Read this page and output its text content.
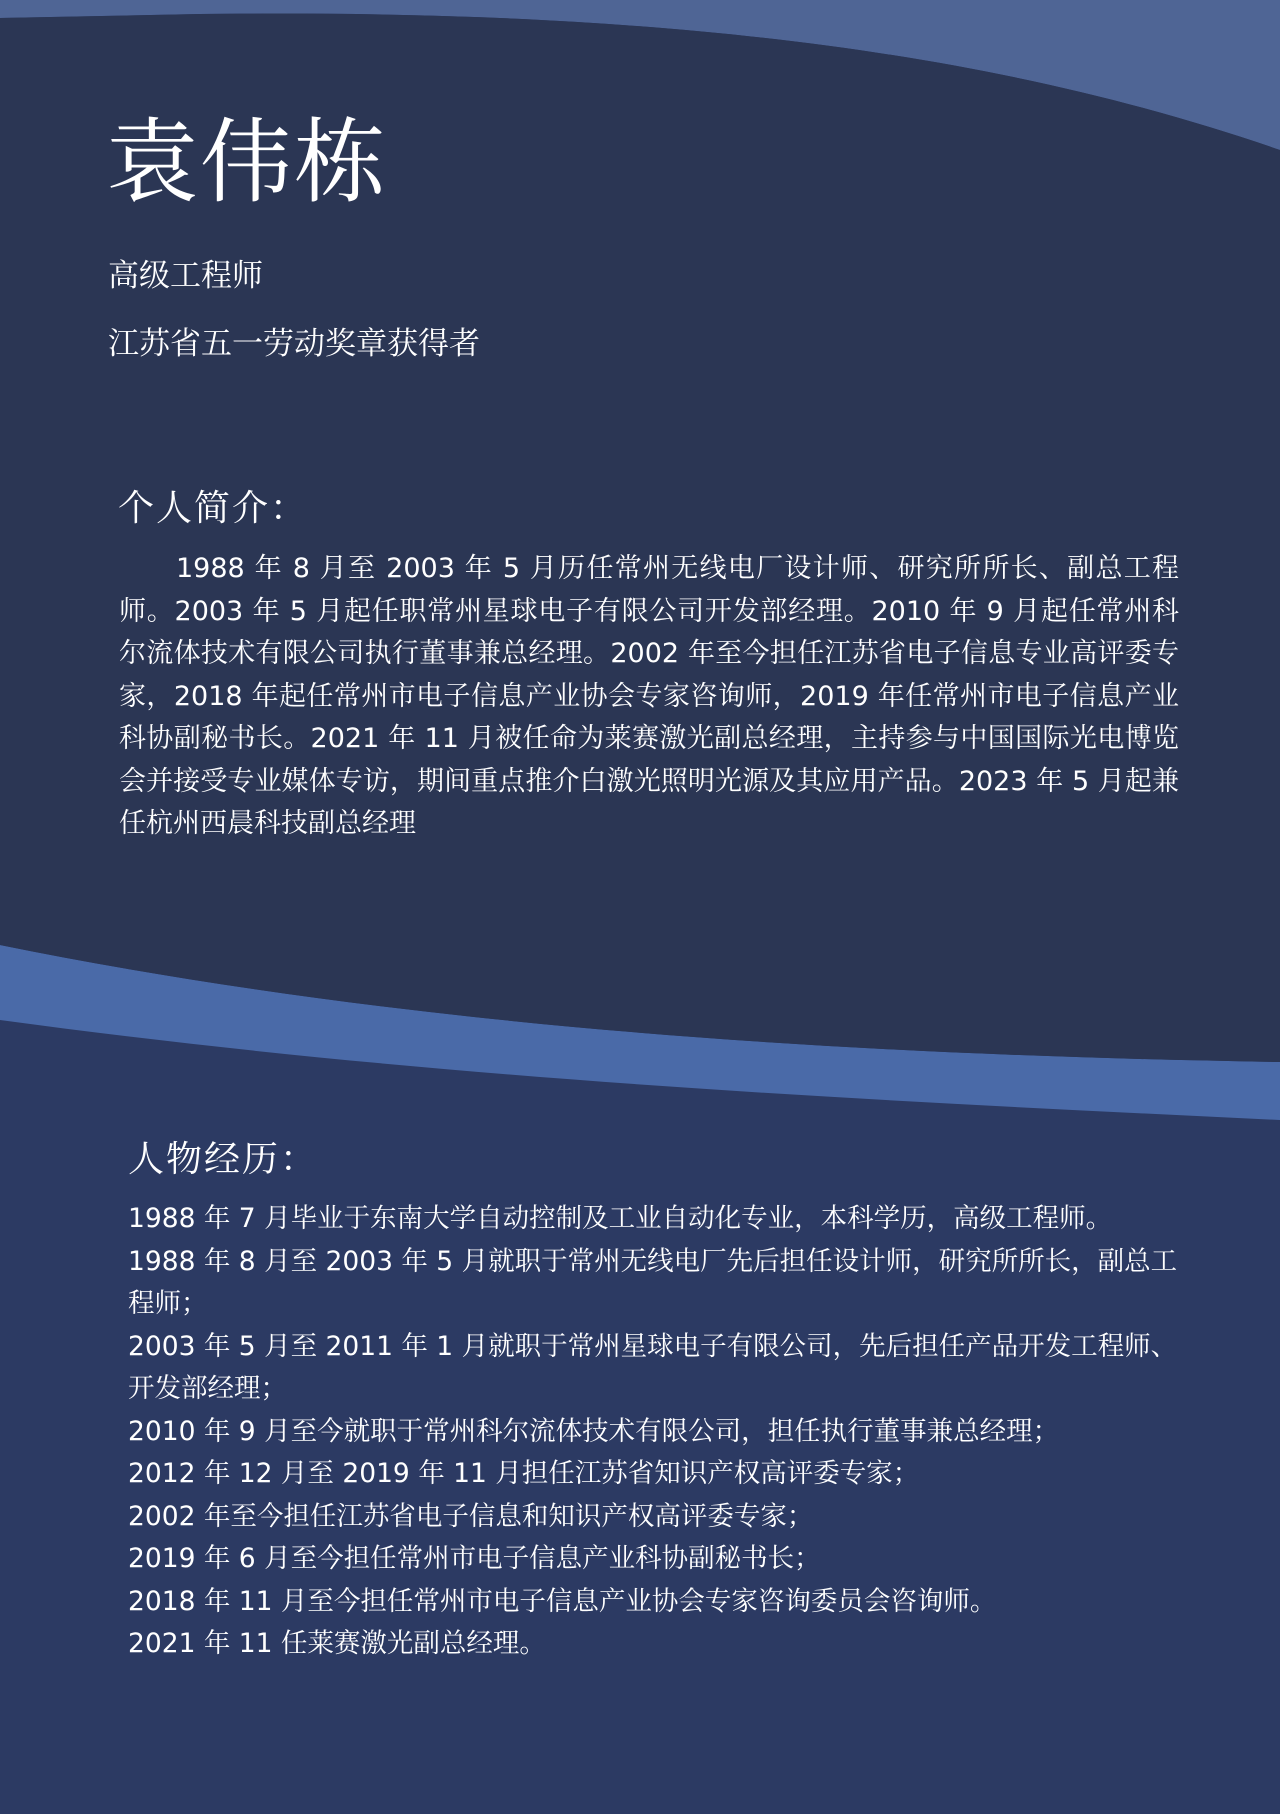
袁伟栋
高级工程师
江苏省五一劳动奖章获得者
个人简介：

1988 年 8 月至 2003 年 5 月历任常州无线电厂设计师、研究所所长、副总工程师。2003 年 5 月起任职常州星球电子有限公司开发部经理。2010 年 9 月起任常州科尔流体技术有限公司执行董事兼总经理。2002 年至今担任江苏省电子信息专业高评委专家，2018 年起任常州市电子信息产业协会专家咨询师，2019 年任常州市电子信息产业科协副秘书长。2021 年 11 月被任命为莱赛激光副总经理，主持参与中国国际光电博览会并接受专业媒体专访，期间重点推介白激光照明光源及其应用产品。2023 年 5 月起兼任杭州西晨科技副总经理

人物经历：
1988 年 7 月毕业于东南大学自动控制及工业自动化专业，本科学历，高级工程师。
1988 年 8 月至 2003 年 5 月就职于常州无线电厂先后担任设计师，研究所所长，副总工程师；
2003 年 5 月至 2011 年 1 月就职于常州星球电子有限公司，先后担任产品开发工程师、开发部经理；
2010 年 9 月至今就职于常州科尔流体技术有限公司，担任执行董事兼总经理；
2012 年 12 月至 2019 年 11 月担任江苏省知识产权高评委专家；
2002 年至今担任江苏省电子信息和知识产权高评委专家；
2019 年 6 月至今担任常州市电子信息产业科协副秘书长；
2018 年 11 月至今担任常州市电子信息产业协会专家咨询委员会咨询师。
2021 年 11 任莱赛激光副总经理。
